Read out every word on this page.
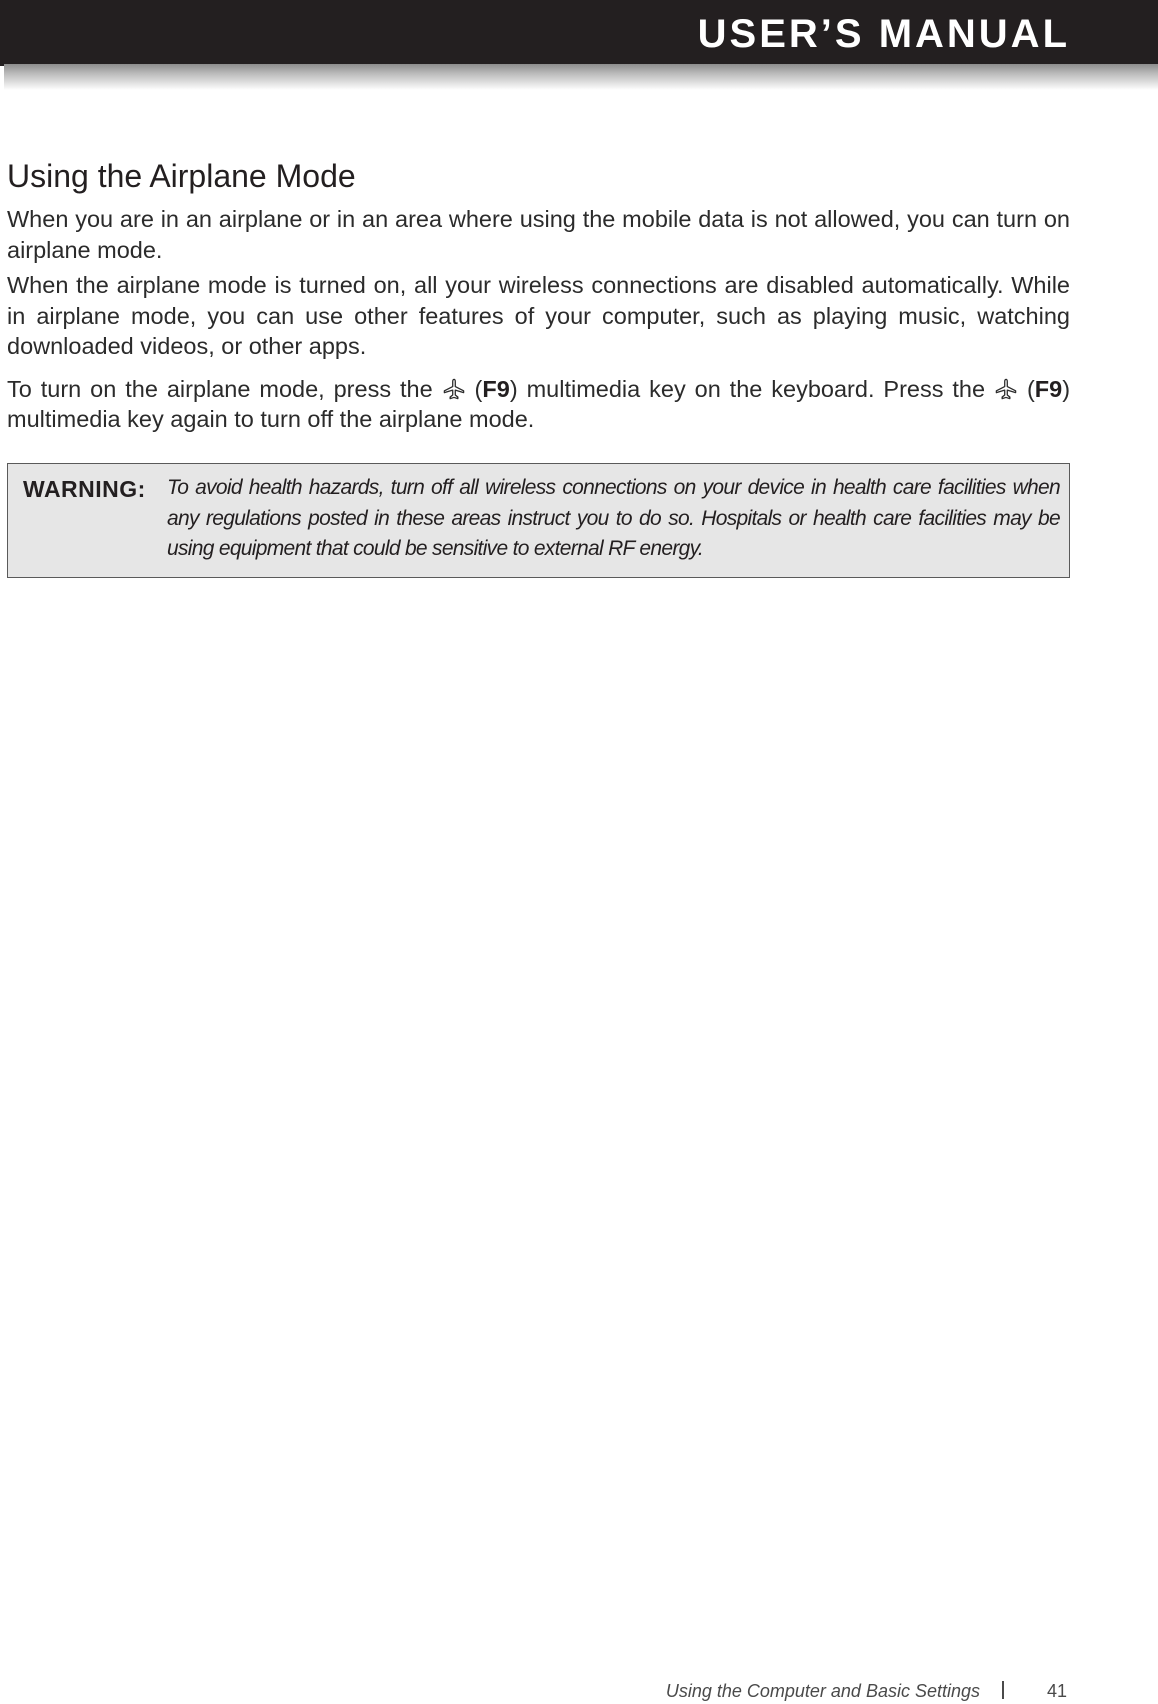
USER’S MANUAL
Using the Airplane Mode

When you are in an airplane or in an area where using the mobile data is not allowed, you can turn on airplane mode.

When the airplane mode is turned on, all your wireless connections are disabled automatically. While in airplane mode, you can use other features of your computer, such as playing music, watching downloaded videos, or other apps.

To turn on the airplane mode, press the (F9) multimedia key on the keyboard. Press the (F9) multimedia key again to turn off the airplane mode.

WARNING: To avoid health hazards, turn off all wireless connections on your device in health care facilities when any regulations posted in these areas instruct you to do so. Hospitals or health care facilities may be using equipment that could be sensitive to external RF energy.
Using the Computer and Basic Settings	41
